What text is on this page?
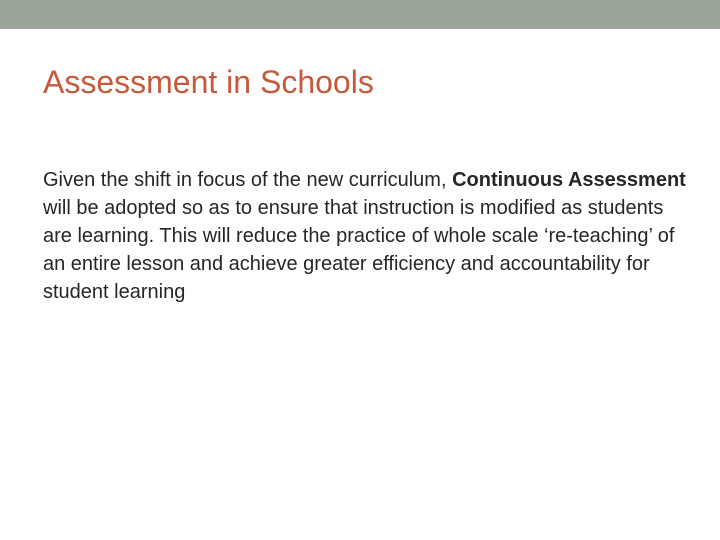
Assessment in Schools

Given the shift in focus of the new curriculum, Continuous Assessment will be adopted so as to ensure that instruction is modified as students are learning. This will reduce the practice of whole scale ‘re-teaching’ of an entire lesson and achieve greater efficiency and accountability for student learning
